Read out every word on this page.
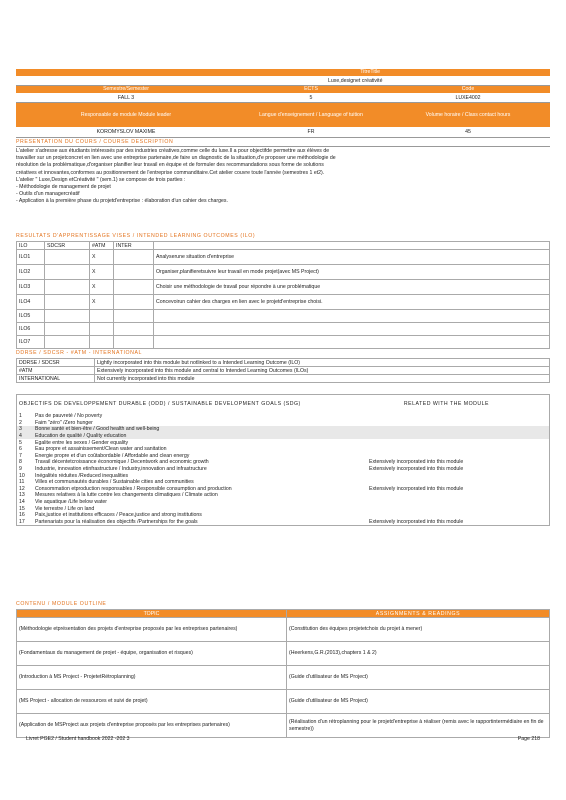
TitreTitle
Luxe,designet créativité
Semestre/Semester	ECTS	Code
FALL 3	5	LUXE4002
Responsable de module Module leader	Langue d'enseignement / Language of tuition	Volume horaire / Class contact hours
KOROMYSLOV MAXIME	FR	45
PRESENTATION DU COURS / COURSE DESCRIPTION

L'atelier s'adresse aux étudiants intéressés par des industries créatives,comme celle du luxe.Il a pour objectifde permettre aux élèves de

travailler sur un projetconcret en lien avec une entreprise partenaire,de faire un diagnostic de la situation,d'e proposer une méthodologie de

résolution de la problématique,d'organiser planifier leur travail en équipe et de formuler des recommandations sous forme de solutions

créatives et innovantes,conformes au positionnement de l'entreprise commanditaire.Cet atelier couvre toute l'année (semestres 1 et2).

L'atelier " Luxe,Design etCréativité " (sem.1) se compose de trois parties :

- Méthodologie de management de projet

- Outils d'un managercréatif

- Application à la première phase du projetd'entreprise : élaboration d'un cahier des charges.

RESULTATS D'APPRENTISSAGE VISES / INTENDED LEARNING OUTCOMES (ILO)
ILO	SDCSR	#ATM	INTER	
ILO1		X		Analyserune situation d'entreprise
ILO2		X		Organiser,planifieretsuivre leur travail en mode projet(avec MS Project)
ILO3		X		Choisir une méthodologie de travail pour répondre à une problématique
ILO4		X		Concevoirun cahier des charges en lien avec le projetd'entreprise choisi.
ILO5				
ILO6				
ILO7				
DDRSE / SDCSR - #ATM - INTERNATIONAL
DDRSE / SDCSR	Lightly incorporated into this module but notlinked to a Intended Learning Outcome (ILO)
#ATM	Extensively incorporated into this module and central to Intended Learning Outcomes (ILOs)
INTERNATIONAL	Not currently incorporated into this module
OBJECTIFS DE DEVELOPPEMENT DURABLE (ODD) / SUSTAINABLE DEVELOPMENT GOALS (SDG)	RELATED WITH THE MODULE
1	Pas de pauvreté / No poverty	
2	Faim "zéro" /Zero hunger	
3	Bonne santé et bien-être / Good health and well-being	
4	Education de qualité / Quality education	
5	Egalite entre les sexes / Gender equality	
6	Eau propre et assainissement/Clean water and sanitation	
7	Energie propre et d'un coûtabordable / Affordable and clean energy	
8	Travail décentetcroissance économique / Decentwork and economic growth	Extensively incorporated into this module
9	Industrie, innovation etinfrastructure / Industry,innovation and infrastructure	Extensively incorporated into this module
10	Inégalités réduites /Reduced inequalities	
11	Villes et communautés durables / Sustainable cities and communities	
12	Consommation etproduction responsables / Responsible consumption and production	Extensively incorporated into this module
13	Mesures relatives à la lutte contre les changements climatiques / Climate action	
14	Vie aquatique /Life below water	
15	Vie terrestre / Life on land	
16	Paix,justice et institutions efficaces / Peace,justice and strong institutions	
17	Partenariats pour la réalisation des objectifs /Partnerships for the goals	Extensively incorporated into this module
CONTENU / MODULE OUTLINE
TOPIC	ASSIGNMENTS & READINGS
(Méthodologie etprésentation des projets d'entreprise proposés par les entreprises partenaires)	(Constitution des équipes projetetchoix du projet à mener)
(Fondamentaux du management de projet - équipe, organisation et risques)	(Heerkens,G.R.(2013),chapters 1 & 2)
(Introduction à MS Project - ProjetetRétroplanning)	(Guide d'utilisateur de MS Project)
(MS Project - allocation de ressources et suivi de projet)	(Guide d'utilisateur de MS Project)
(Application de MSProject aux projets d'entreprise proposés par les entreprises partenaires)	(Réalisation d'un rétroplanning pour le projetd'entreprise à réaliser (remis avec le rapportintermédiaire en fin de semestre))
Livret PGE2 / Student handbook 2022 -202 3	Page 218
